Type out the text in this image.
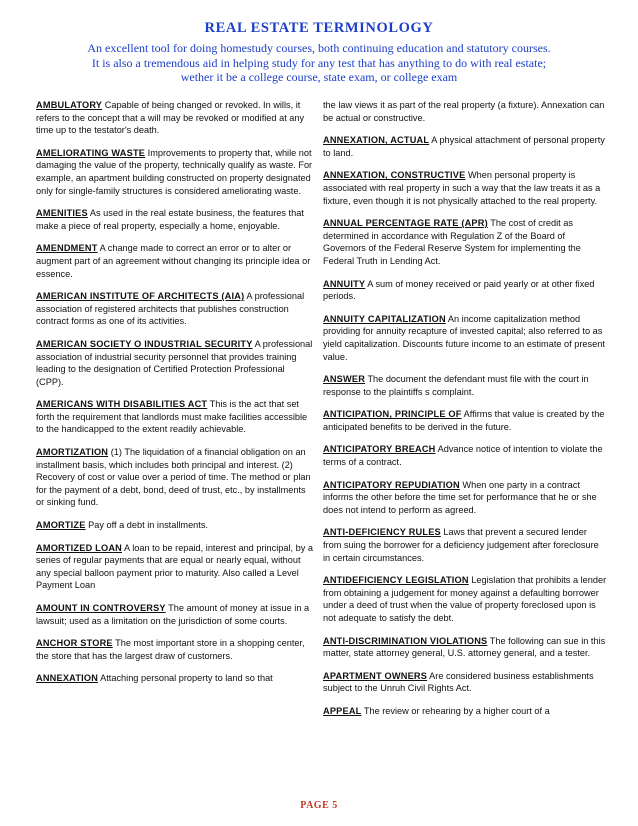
REAL ESTATE TERMINOLOGY

An excellent tool for doing homestudy courses, both continuing education and statutory courses.

It is also a tremendous aid in helping study for any test that has anything to do with real estate;

wether it be a college course, state exam, or college exam

AMBULATORY Capable of being changed or revoked. In wills, it refers to the concept that a will may be revoked or modified at any time up to the testator's death.

AMELIORATING WASTE Improvements to property that, while not damaging the value of the property, technically qualify as waste. For example, an apartment building constructed on property designated only for single-family structures is considered ameliorating waste.

AMENITIES As used in the real estate business, the features that make a piece of real property, especially a home, enjoyable.

AMENDMENT A change made to correct an error or to alter or augment part of an agreement without changing its principle idea or essence.

AMERICAN INSTITUTE OF ARCHITECTS (AIA) A professional association of registered architects that publishes construction contract forms as one of its activities.

AMERICAN SOCIETY O INDUSTRIAL SECURITY A professional association of industrial security personnel that provides training leading to the designation of Certified Protection Professional (CPP).

AMERICANS WITH DISABILITIES ACT This is the act that set forth the requirement that landlords must make facilities accessible to the handicapped to the extent readily achievable.

AMORTIZATION (1) The liquidation of a financial obligation on an installment basis, which includes both principal and interest. (2) Recovery of cost or value over a period of time. The method or plan for the payment of a debt, bond, deed of trust, etc., by installments or sinking fund.

AMORTIZE Pay off a debt in installments.

AMORTIZED LOAN A loan to be repaid, interest and principal, by a series of regular payments that are equal or nearly equal, without any special balloon payment prior to maturity. Also called a Level Payment Loan

AMOUNT IN CONTROVERSY The amount of money at issue in a lawsuit; used as a limitation on the jurisdiction of some courts.

ANCHOR STORE The most important store in a shopping center, the store that has the largest draw of customers.

ANNEXATION Attaching personal property to land so that

the law views it as part of the real property (a fixture). Annexation can be actual or constructive.

ANNEXATION, ACTUAL A physical attachment of personal property to land.

ANNEXATION, CONSTRUCTIVE When personal property is associated with real property in such a way that the law treats it as a fixture, even though it is not physically attached to the real property.

ANNUAL PERCENTAGE RATE (APR) The cost of credit as determined in accordance with Regulation Z of the Board of Governors of the Federal Reserve System for implementing the Federal Truth in Lending Act.

ANNUITY A sum of money received or paid yearly or at other fixed periods.

ANNUITY CAPITALIZATION An income capitalization method providing for annuity recapture of invested capital; also referred to as yield capitalization. Discounts future income to an estimate of present value.

ANSWER The document the defendant must file with the court in response to the plaintiffs s complaint.

ANTICIPATION, PRINCIPLE OF Affirms that value is created by the anticipated benefits to be derived in the future.

ANTICIPATORY BREACH Advance notice of intention to violate the terms of a contract.

ANTICIPATORY REPUDIATION When one party in a contract informs the other before the time set for performance that he or she does not intend to perform as agreed.

ANTI-DEFICIENCY RULES Laws that prevent a secured lender from suing the borrower for a deficiency judgement after foreclosure in certain circumstances.

ANTIDEFICIENCY LEGISLATION Legislation that prohibits a lender from obtaining a judgement for money against a defaulting borrower under a deed of trust when the value of property foreclosed upon is not adequate to satisfy the debt.

ANTI-DISCRIMINATION VIOLATIONS The following can sue in this matter, state attorney general, U.S. attorney general, and a tester.

APARTMENT OWNERS Are considered business establishments subject to the Unruh Civil Rights Act.

APPEAL The review or rehearing by a higher court of a

PAGE 5
